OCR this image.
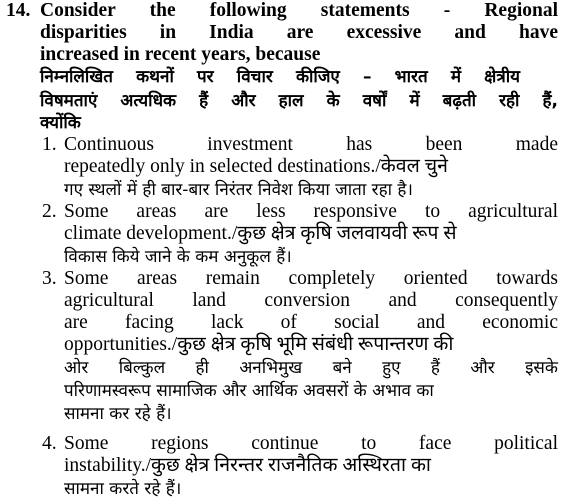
14. Consider the following statements - Regional
disparities in India are excessive and have
increased in recent years, because
निम्नलिखित कथनों पर विचार कीजिए – भारत में क्षेत्रीय
विषमताएं अत्यधिक हैं और हाल के वर्षों में बढ़ती रही हैं,
क्योंकि
1. Continuous investment has been made
repeatedly only in selected destinations./केवल चुने
गए स्थलों में ही बार-बार निरंतर निवेश किया जाता रहा है।
2. Some areas are less responsive to agricultural
climate development./कुछ क्षेत्र कृषि जलवायवी रूप से
विकास किये जाने के कम अनुकूल हैं।
3. Some areas remain completely oriented towards
agricultural land conversion and consequently
are facing lack of social and economic
opportunities./कुछ क्षेत्र कृषि भूमि संबंधी रूपान्तरण की
ओर बिल्कुल ही अनभिमुख बने हुए हैं और इसके
परिणामस्वरूप सामाजिक और आर्थिक अवसरों के अभाव का
सामना कर रहे हैं।
4. Some regions continue to face political
instability./कुछ क्षेत्र निरन्तर राजनैतिक अस्थिरता का
सामना करते रहे हैं।
